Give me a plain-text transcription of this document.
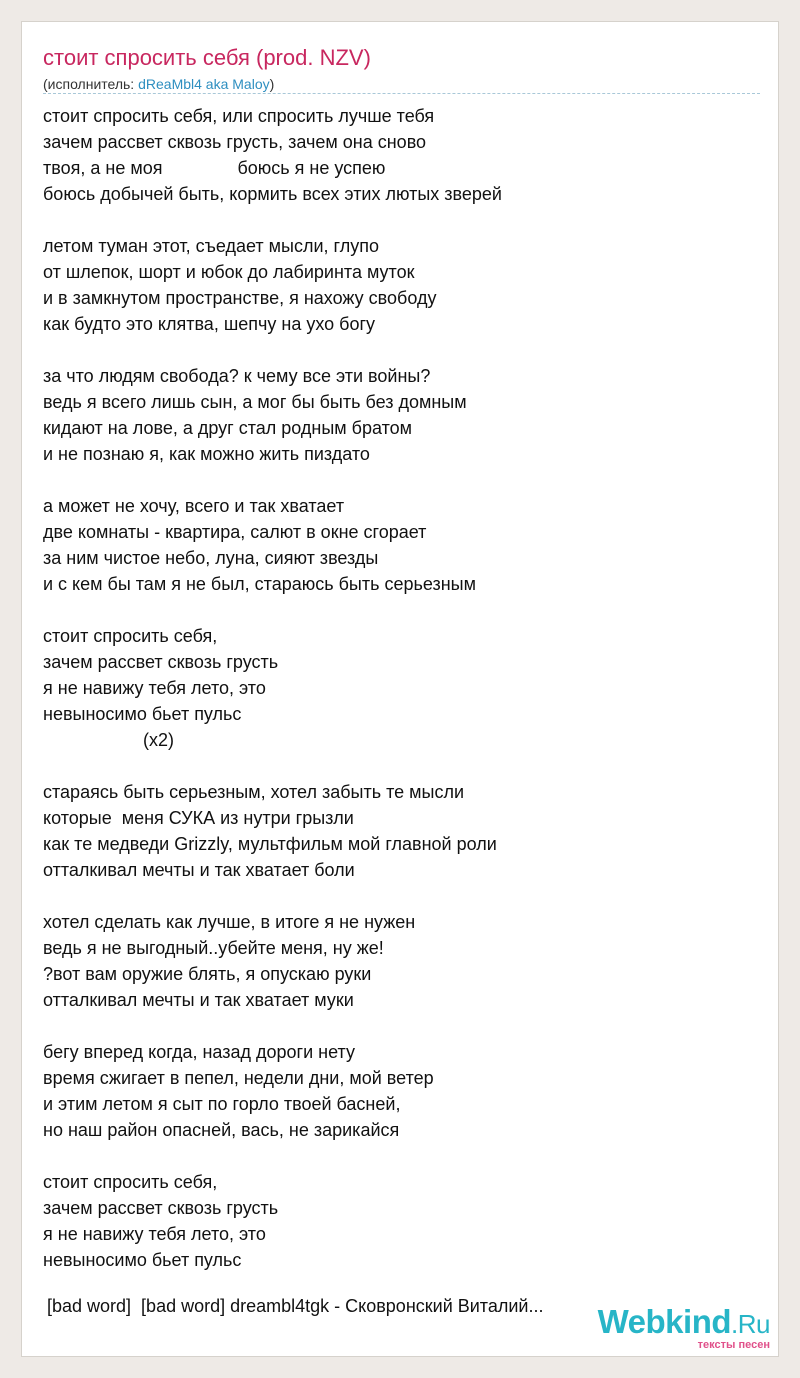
стоит спросить себя (prod. NZV)
(исполнитель: dReaMbl4 aka Maloy)
стоит спросить себя, или спросить лучше тебя
зачем рассвет сквозь грусть, зачем она сново
твоя, а не моя               боюсь я не успею
боюсь добычей быть, кормить всех этих лютых зверей
летом туман этот, съедает мысли, глупо
от шлепок, шорт и юбок до лабиринта муток
и в замкнутом пространстве, я нахожу свободу
как будто это клятва, шепчу на ухо богу
за что людям свобода? к чему все эти войны?
ведь я всего лишь сын, а мог бы быть без домным
кидают на лове, а друг стал родным братом
и не познаю я, как можно жить пиздато
а может не хочу, всего и так хватает
две комнаты - квартира, салют в окне сгорает
за ним чистое небо, луна, сияют звезды
и с кем бы там я не был, стараюсь быть серьезным
стоит спросить себя,
зачем рассвет сквозь грусть
я не навижу тебя лето, это
невыносимо бьет пульс
(x2)
стараясь быть серьезным, хотел забыть те мысли
которые  меня СУКА из нутри грызли
как те медведи Grizzly, мультфильм мой главной роли
отталкивал мечты и так хватает боли
хотел сделать как лучше, в итоге я не нужен
ведь я не выгодный..убейте меня, ну же!
?вот вам оружие блять, я опускаю руки
отталкивал мечты и так хватает муки
бегу вперед когда, назад дороги нету
время сжигает в пепел, недели дни, мой ветер
и этим летом я сыт по горло твоей басней,
но наш район опасней, вась, не зарикайся
стоит спросить себя,
зачем рассвет сквозь грусть
я не навижу тебя лето, это
невыносимо бьет пульс
[bad word]  [bad word] dreambl4tgk - Сковронский Виталий... Webkind.Ru
тексты песен
